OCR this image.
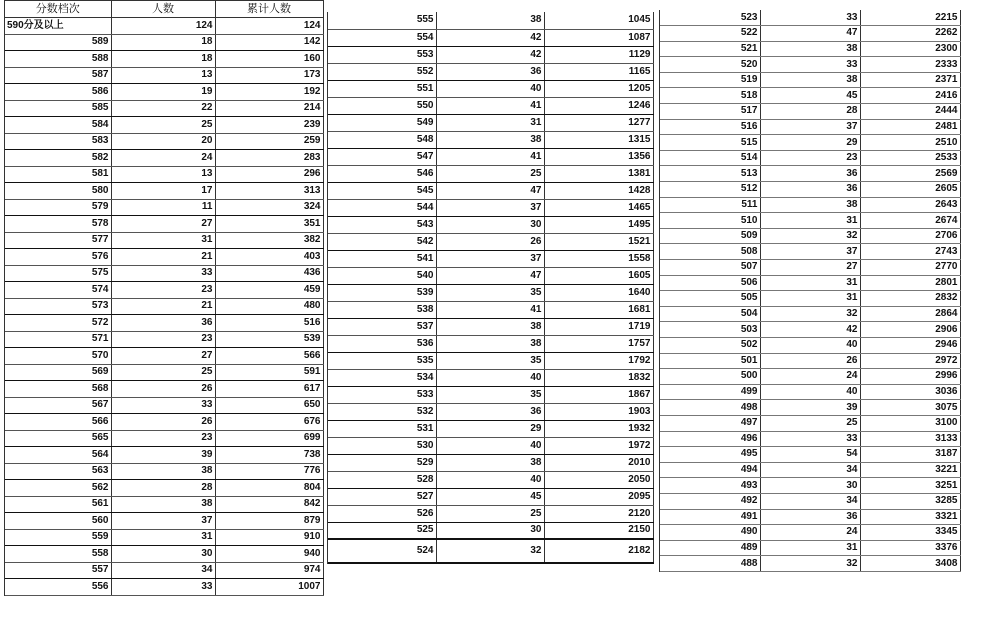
分数档次	人数	累计人数
590分及以上	124	124
589	18	142
588	18	160
587	13	173
586	19	192
585	22	214
584	25	239
583	20	259
582	24	283
581	13	296
580	17	313
579	11	324
578	27	351
577	31	382
576	21	403
575	33	436
574	23	459
573	21	480
572	36	516
571	23	539
570	27	566
569	25	591
568	26	617
567	33	650
566	26	676
565	23	699
564	39	738
563	38	776
562	28	804
561	38	842
560	37	879
559	31	910
558	30	940
557	34	974
556	33	1007
555	38	1045
554	42	1087
553	42	1129
552	36	1165
551	40	1205
550	41	1246
549	31	1277
548	38	1315
547	41	1356
546	25	1381
545	47	1428
544	37	1465
543	30	1495
542	26	1521
541	37	1558
540	47	1605
539	35	1640
538	41	1681
537	38	1719
536	38	1757
535	35	1792
534	40	1832
533	35	1867
532	36	1903
531	29	1932
530	40	1972
529	38	2010
528	40	2050
527	45	2095
526	25	2120
525	30	2150
524	32	2182
523	33	2215
522	47	2262
521	38	2300
520	33	2333
519	38	2371
518	45	2416
517	28	2444
516	37	2481
515	29	2510
514	23	2533
513	36	2569
512	36	2605
511	38	2643
510	31	2674
509	32	2706
508	37	2743
507	27	2770
506	31	2801
505	31	2832
504	32	2864
503	42	2906
502	40	2946
501	26	2972
500	24	2996
499	40	3036
498	39	3075
497	25	3100
496	33	3133
495	54	3187
494	34	3221
493	30	3251
492	34	3285
491	36	3321
490	24	3345
489	31	3376
488	32	3408
